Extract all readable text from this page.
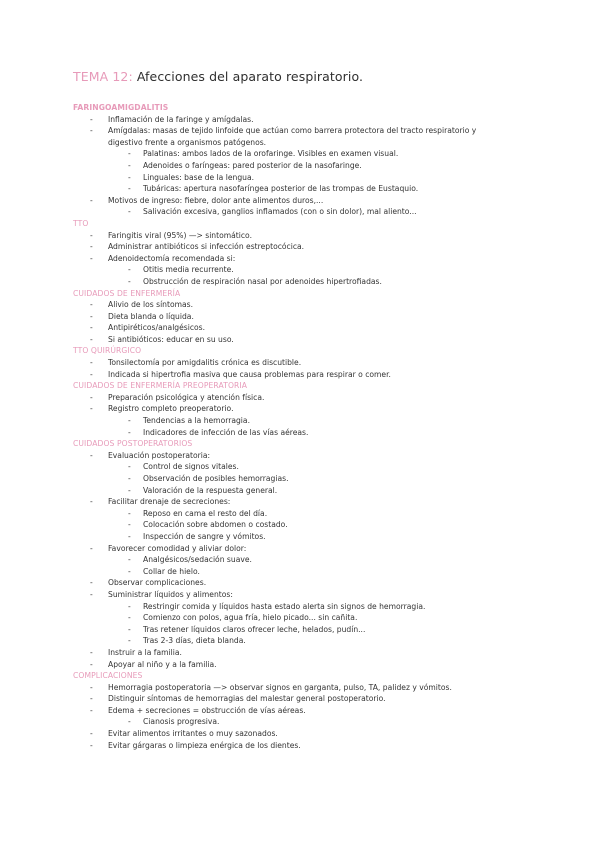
TEMA 12: Afecciones del aparato respiratorio.
FARINGOAMIGDALITIS
- Inflamación de la faringe y amígdalas.
- Amígdalas: masas de tejido linfoide que actúan como barrera protectora del tracto respiratorio y digestivo frente a organismos patógenos.
- Palatinas: ambos lados de la orofaringe. Visibles en examen visual.
- Adenoides o faríngeas: pared posterior de la nasofaringe.
- Linguales: base de la lengua.
- Tubáricas: apertura nasofaríngea posterior de las trompas de Eustaquio.
- Motivos de ingreso: fiebre, dolor ante alimentos duros,...
- Salivación excesiva, ganglios inflamados (con o sin dolor), mal aliento...
TTO
- Faringitis viral (95%) —> sintomático.
- Administrar antibióticos si infección estreptocócica.
- Adenoidectomía recomendada si:
- Otitis media recurrente.
- Obstrucción de respiración nasal por adenoides hipertrofiadas.
CUIDADOS DE ENFERMERÍA
- Alivio de los síntomas.
- Dieta blanda o líquida.
- Antipiréticos/analgésicos.
- Si antibióticos: educar en su uso.
TTO QUIRÚRGICO
- Tonsilectomía por amigdalitis crónica es discutible.
- Indicada si hipertrofia masiva que causa problemas para respirar o comer.
CUIDADOS DE ENFERMERÍA PREOPERATORIA
- Preparación psicológica y atención física.
- Registro completo preoperatorio.
- Tendencias a la hemorragia.
- Indicadores de infección de las vías aéreas.
CUIDADOS POSTOPERATORIOS
- Evaluación postoperatoria:
- Control de signos vitales.
- Observación de posibles hemorragias.
- Valoración de la respuesta general.
- Facilitar drenaje de secreciones:
- Reposo en cama el resto del día.
- Colocación sobre abdomen o costado.
- Inspección de sangre y vómitos.
- Favorecer comodidad y aliviar dolor:
- Analgésicos/sedación suave.
- Collar de hielo.
- Observar complicaciones.
- Suministrar líquidos y alimentos:
- Restringir comida y líquidos hasta estado alerta sin signos de hemorragia.
- Comienzo con polos, agua fría, hielo picado... sin cañita.
- Tras retener líquidos claros ofrecer leche, helados, pudín...
- Tras 2-3 días, dieta blanda.
- Instruir a la familia.
- Apoyar al niño y a la familia.
COMPLICACIONES
- Hemorragia postoperatoria —> observar signos en garganta, pulso, TA, palidez y vómitos.
- Distinguir síntomas de hemorragias del malestar general postoperatorio.
- Edema + secreciones = obstrucción de vías aéreas.
- Cianosis progresiva.
- Evitar alimentos irritantes o muy sazonados.
- Evitar gárgaras o limpieza enérgica de los dientes.
